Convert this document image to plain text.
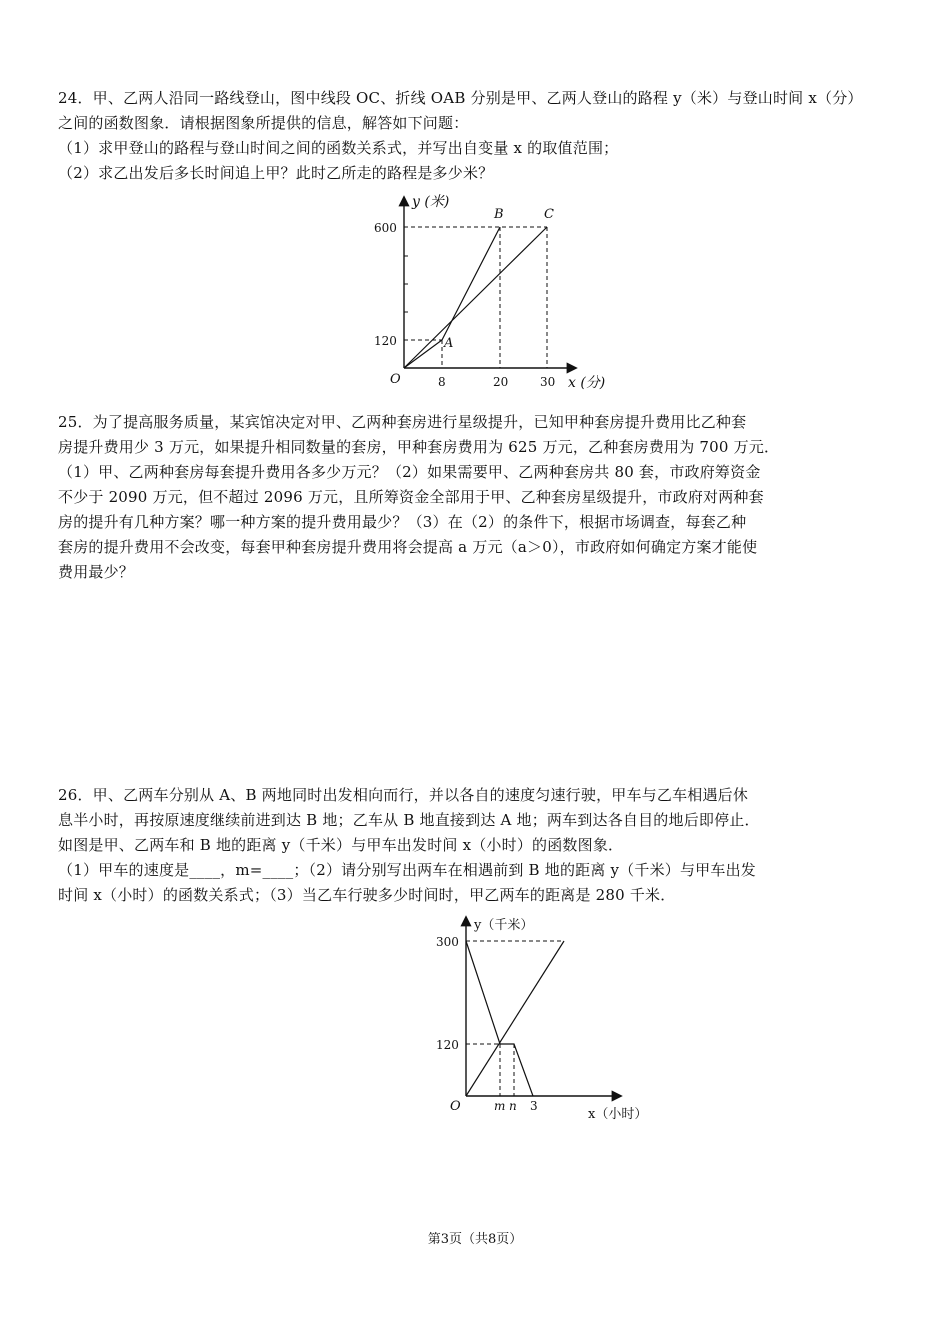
24．甲、乙两人沿同一路线登山，图中线段 OC、折线 OAB 分别是甲、乙两人登山的路程 y（米）与登山时间 x（分）
之间的函数图象．请根据图象所提供的信息，解答如下问题：
（1）求甲登山的路程与登山时间之间的函数关系式，并写出自变量 x 的取值范围；
（2）求乙出发后多长时间追上甲？此时乙所走的路程是多少米？
y (米)
600
120
O	8	20	30 x (分)
A
B	C
25．为了提高服务质量，某宾馆决定对甲、乙两种套房进行星级提升，已知甲种套房提升费用比乙种套
房提升费用少 3 万元，如果提升相同数量的套房，甲种套房费用为 625 万元，乙种套房费用为 700 万元．
（1）甲、乙两种套房每套提升费用各多少万元？（2）如果需要甲、乙两种套房共 80 套，市政府筹资金
不少于 2090 万元，但不超过 2096 万元，且所筹资金全部用于甲、乙种套房星级提升，市政府对两种套
房的提升有几种方案？哪一种方案的提升费用最少？（3）在（2）的条件下，根据市场调查，每套乙种
套房的提升费用不会改变，每套甲种套房提升费用将会提高 a 万元（a＞0），市政府如何确定方案才能使
费用最少？
26．甲、乙两车分别从 A、B 两地同时出发相向而行，并以各自的速度匀速行驶，甲车与乙车相遇后休
息半小时，再按原速度继续前进到达 B 地；乙车从 B 地直接到达 A 地；两车到达各自目的地后即停止．
如图是甲、乙两车和 B 地的距离 y（千米）与甲车出发时间 x（小时）的函数图象．
（1）甲车的速度是____，m=____；（2）请分别写出两车在相遇前到 B 地的距离 y（千米）与甲车出发
时间 x（小时）的函数关系式；（3）当乙车行驶多少时间时，甲乙两车的距离是 280 千米．
y（千米）
300
120
O	m n 3
x（小时）
第3页（共8页）
